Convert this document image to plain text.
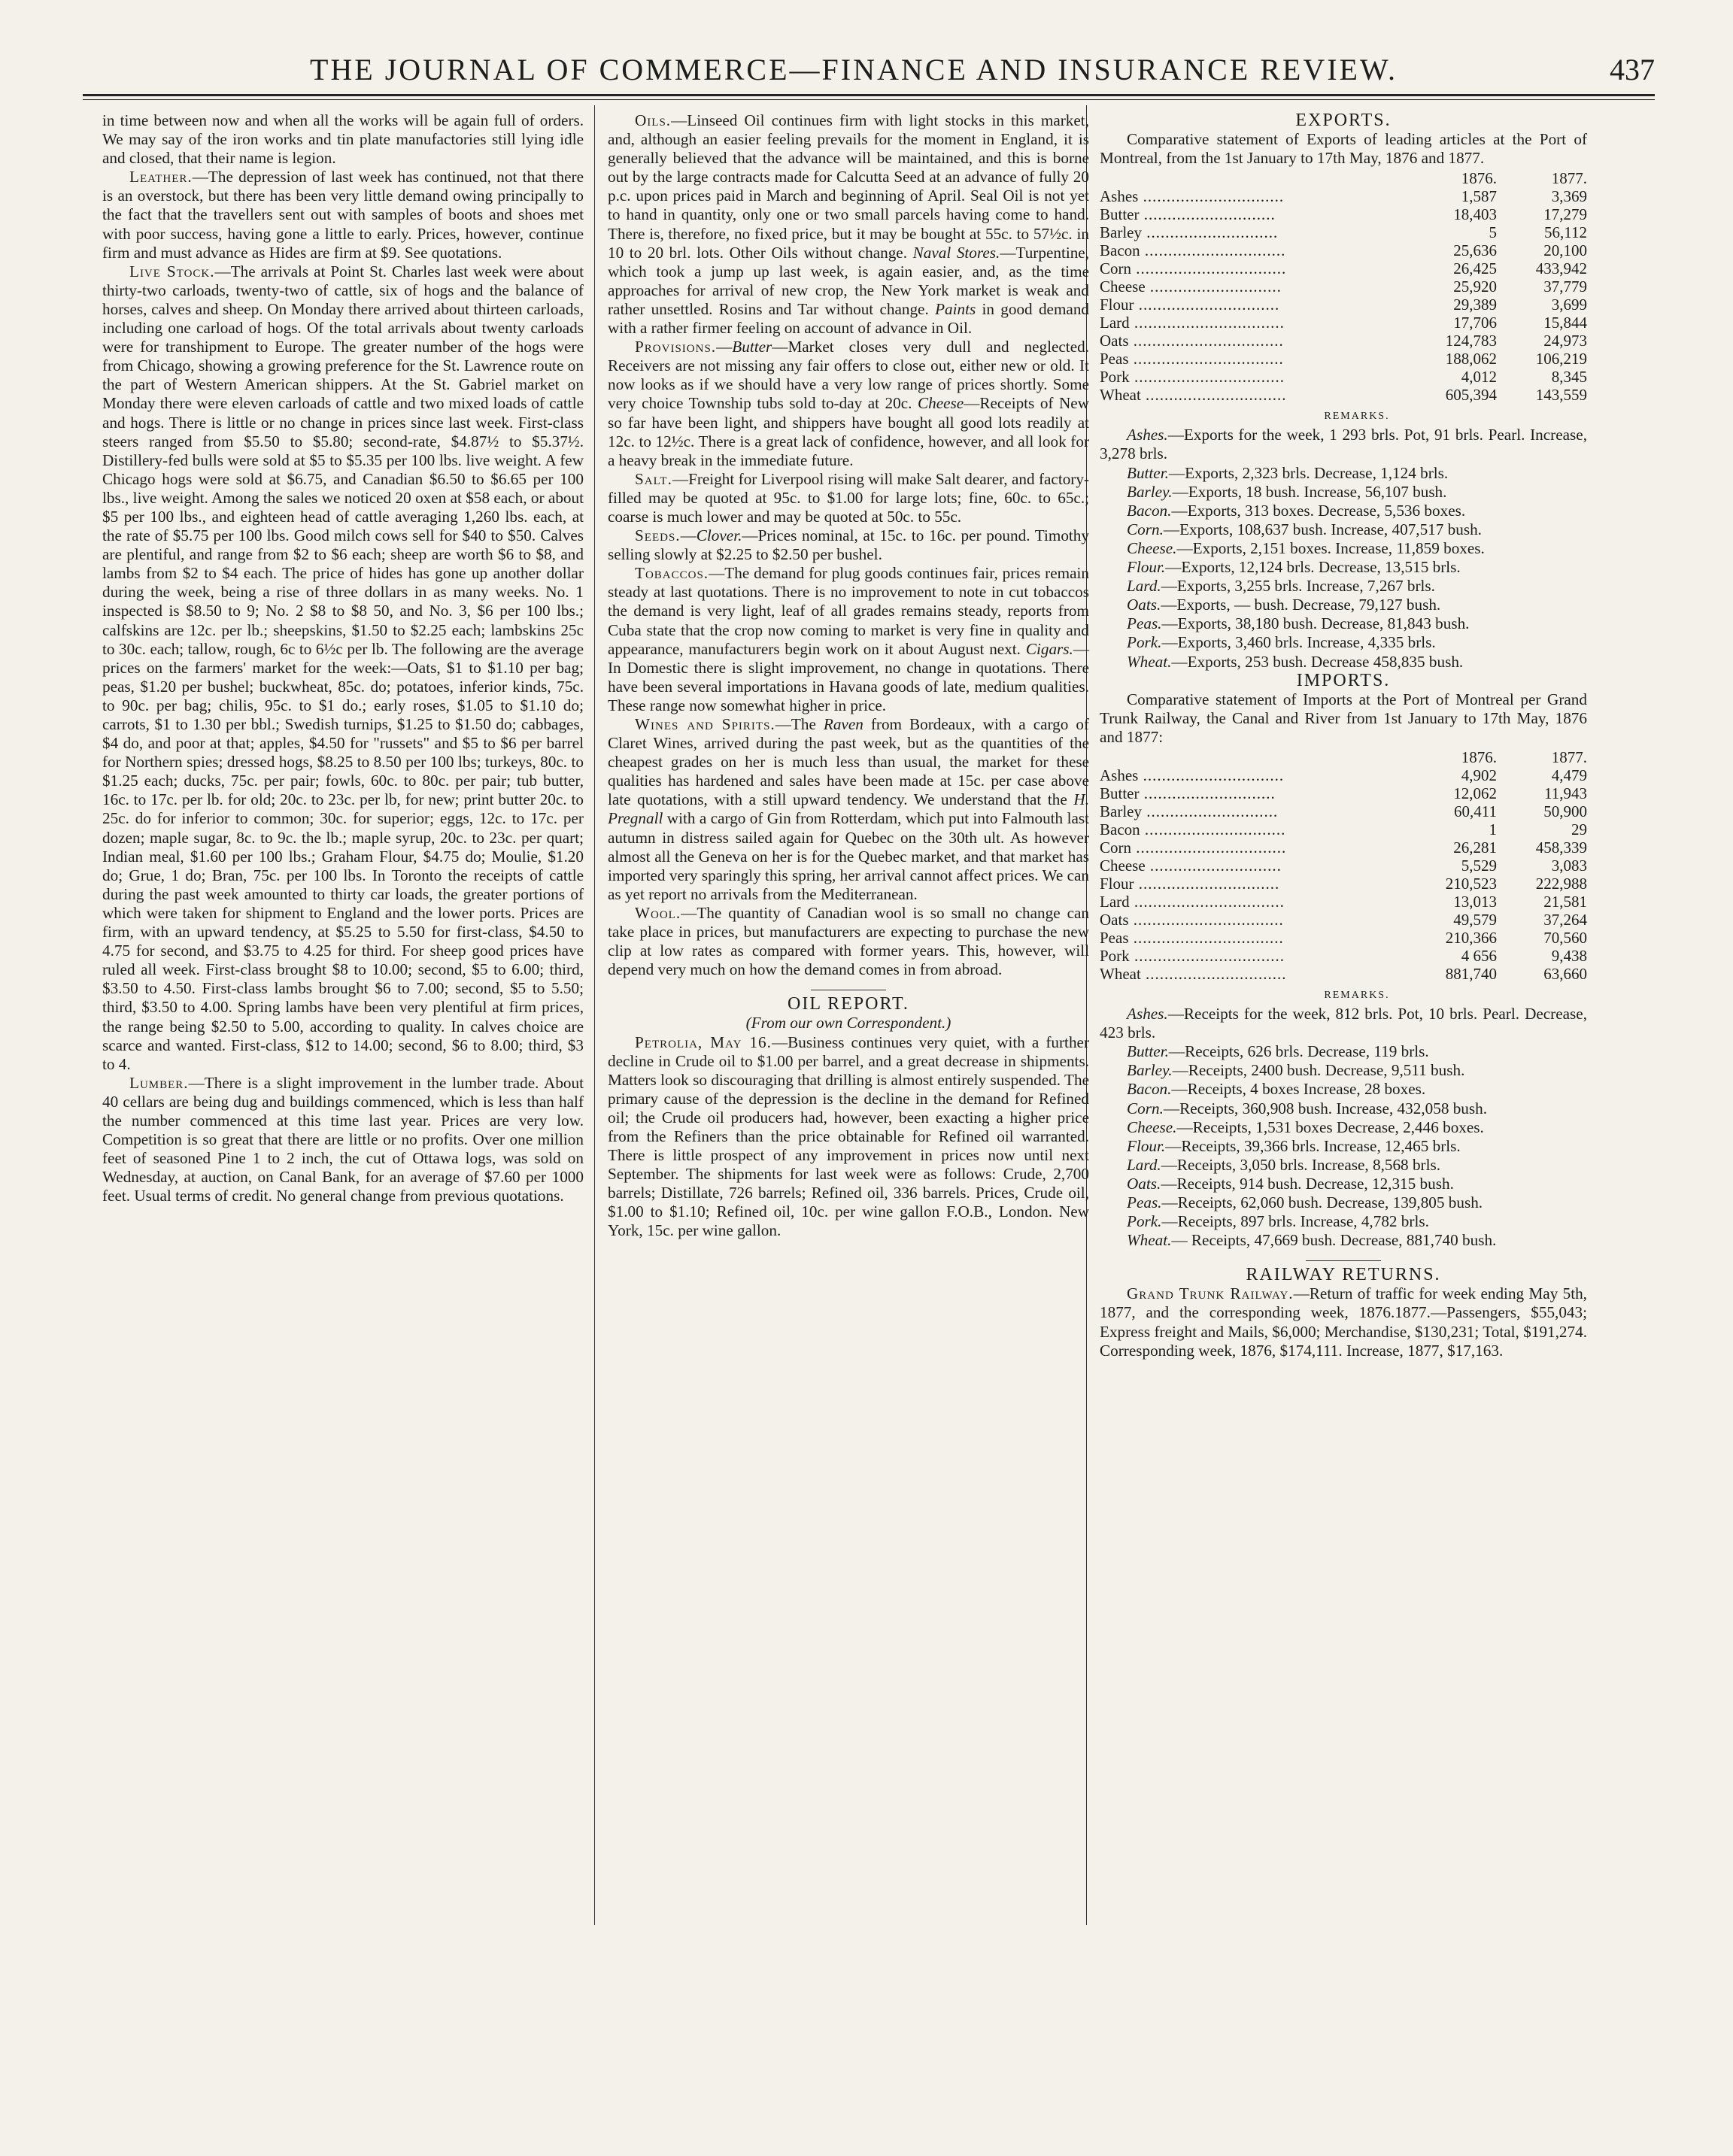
THE JOURNAL OF COMMERCE—FINANCE AND INSURANCE REVIEW.	437

in time between now and when all the works will be again full of orders. We may say of the iron works and tin plate manufactories still lying idle and closed, that their name is legion.

Leather.—The depression of last week has continued, not that there is an overstock, but there has been very little demand owing principally to the fact that the travellers sent out with samples of boots and shoes met with poor success, having gone a little to early. Prices, however, continue firm and must advance as Hides are firm at $9. See quotations.

Live Stock.—The arrivals at Point St. Charles last week were about thirty-two carloads, twenty-two of cattle, six of hogs and the balance of horses, calves and sheep. On Monday there arrived about thirteen carloads, including one carload of hogs. Of the total arrivals about twenty carloads were for transhipment to Europe. The greater number of the hogs were from Chicago, showing a growing preference for the St. Lawrence route on the part of Western American shippers. At the St. Gabriel market on Monday there were eleven carloads of cattle and two mixed loads of cattle and hogs. There is little or no change in prices since last week. First-class steers ranged from $5.50 to $5.80; second-rate, $4.87½ to $5.37½. Distillery-fed bulls were sold at $5 to $5.35 per 100 lbs. live weight. A few Chicago hogs were sold at $6.75, and Canadian $6.50 to $6.65 per 100 lbs., live weight. Among the sales we noticed 20 oxen at $58 each, or about $5 per 100 lbs., and eighteen head of cattle averaging 1,260 lbs. each, at the rate of $5.75 per 100 lbs. Good milch cows sell for $40 to $50. Calves are plentiful, and range from $2 to $6 each; sheep are worth $6 to $8, and lambs from $2 to $4 each. The price of hides has gone up another dollar during the week, being a rise of three dollars in as many weeks. No. 1 inspected is $8.50 to 9; No. 2 $8 to $8 50, and No. 3, $6 per 100 lbs.; calfskins are 12c. per lb.; sheepskins, $1.50 to $2.25 each; lambskins 25c to 30c. each; tallow, rough, 6c to 6½c per lb. The following are the average prices on the farmers' market for the week:—Oats, $1 to $1.10 per bag; peas, $1.20 per bushel; buckwheat, 85c. do; potatoes, inferior kinds, 75c. to 90c. per bag; chilis, 95c. to $1 do.; early roses, $1.05 to $1.10 do; carrots, $1 to 1.30 per bbl.; Swedish turnips, $1.25 to $1.50 do; cabbages, $4 do, and poor at that; apples, $4.50 for "russets" and $5 to $6 per barrel for Northern spies; dressed hogs, $8.25 to 8.50 per 100 lbs; turkeys, 80c. to $1.25 each; ducks, 75c. per pair; fowls, 60c. to 80c. per pair; tub butter, 16c. to 17c. per lb. for old; 20c. to 23c. per lb, for new; print butter 20c. to 25c. do for inferior to common; 30c. for superior; eggs, 12c. to 17c. per dozen; maple sugar, 8c. to 9c. the lb.; maple syrup, 20c. to 23c. per quart; Indian meal, $1.60 per 100 lbs.; Graham Flour, $4.75 do; Moulie, $1.20 do; Grue, 1 do; Bran, 75c. per 100 lbs. In Toronto the receipts of cattle during the past week amounted to thirty car loads, the greater portions of which were taken for shipment to England and the lower ports. Prices are firm, with an upward tendency, at $5.25 to 5.50 for first-class, $4.50 to 4.75 for second, and $3.75 to 4.25 for third. For sheep good prices have ruled all week. First-class brought $8 to 10.00; second, $5 to 6.00; third, $3.50 to 4.50. First-class lambs brought $6 to 7.00; second, $5 to 5.50; third, $3.50 to 4.00. Spring lambs have been very plentiful at firm prices, the range being $2.50 to 5.00, according to quality. In calves choice are scarce and wanted. First-class, $12 to 14.00; second, $6 to 8.00; third, $3 to 4.

Lumber.—There is a slight improvement in the lumber trade. About 40 cellars are being dug and buildings commenced, which is less than half the number commenced at this time last year. Prices are very low. Competition is so great that there are little or no profits. Over one million feet of seasoned Pine 1 to 2 inch, the cut of Ottawa logs, was sold on Wednesday, at auction, on Canal Bank, for an average of $7.60 per 1000 feet. Usual terms of credit. No general change from previous quotations.

Oils.—Linseed Oil continues firm with light stocks in this market, and, although an easier feeling prevails for the moment in England, it is generally believed that the advance will be maintained, and this is borne out by the large contracts made for Calcutta Seed at an advance of fully 20 p.c. upon prices paid in March and beginning of April. Seal Oil is not yet to hand in quantity, only one or two small parcels having come to hand. There is, therefore, no fixed price, but it may be bought at 55c. to 57½c. in 10 to 20 brl. lots. Other Oils without change. Naval Stores.—Turpentine, which took a jump up last week, is again easier, and, as the time approaches for arrival of new crop, the New York market is weak and rather unsettled. Rosins and Tar without change. Paints in good demand with a rather firmer feeling on account of advance in Oil.

Provisions.—Butter—Market closes very dull and neglected. Receivers are not missing any fair offers to close out, either new or old. It now looks as if we should have a very low range of prices shortly. Some very choice Township tubs sold to-day at 20c. Cheese—Receipts of New so far have been light, and shippers have bought all good lots readily at 12c. to 12½c. There is a great lack of confidence, however, and all look for a heavy break in the immediate future.

Salt.—Freight for Liverpool rising will make Salt dearer, and factory-filled may be quoted at 95c. to $1.00 for large lots; fine, 60c. to 65c.; coarse is much lower and may be quoted at 50c. to 55c.

Seeds.—Clover.—Prices nominal, at 15c. to 16c. per pound. Timothy selling slowly at $2.25 to $2.50 per bushel.

Tobaccos.—The demand for plug goods continues fair, prices remain steady at last quotations. There is no improvement to note in cut tobaccos the demand is very light, leaf of all grades remains steady, reports from Cuba state that the crop now coming to market is very fine in quality and appearance, manufacturers begin work on it about August next. Cigars.—In Domestic there is slight improvement, no change in quotations. There have been several importations in Havana goods of late, medium qualities. These range now somewhat higher in price.

Wines and Spirits.—The Raven from Bordeaux, with a cargo of Claret Wines, arrived during the past week, but as the quantities of the cheapest grades on her is much less than usual, the market for these qualities has hardened and sales have been made at 15c. per case above late quotations, with a still upward tendency. We understand that the H. Pregnall with a cargo of Gin from Rotterdam, which put into Falmouth last autumn in distress sailed again for Quebec on the 30th ult. As however almost all the Geneva on her is for the Quebec market, and that market has imported very sparingly this spring, her arrival cannot affect prices. We can as yet report no arrivals from the Mediterranean.

Wool.—The quantity of Canadian wool is so small no change can take place in prices, but manufacturers are expecting to purchase the new clip at low rates as compared with former years. This, however, will depend very much on how the demand comes in from abroad.

OIL REPORT.

(From our own Correspondent.)

Petrolia, May 16.—Business continues very quiet, with a further decline in Crude oil to $1.00 per barrel, and a great decrease in shipments. Matters look so discouraging that drilling is almost entirely suspended. The primary cause of the depression is the decline in the demand for Refined oil; the Crude oil producers had, however, been exacting a higher price from the Refiners than the price obtainable for Refined oil warranted. There is little prospect of any improvement in prices now until next September. The shipments for last week were as follows: Crude, 2,700 barrels; Distillate, 726 barrels; Refined oil, 336 barrels. Prices, Crude oil, $1.00 to $1.10; Refined oil, 10c. per wine gallon F.O.B., London. New York, 15c. per wine gallon.

EXPORTS.

Comparative statement of Exports of leading articles at the Port of Montreal, from the 1st January to 17th May, 1876 and 1877.

	1876.	1877.
Ashes ..............................	1,587	3,369
Butter ............................	18,403	17,279
Barley ............................	5	56,112
Bacon ..............................	25,636	20,100
Corn ................................	26,425	433,942
Cheese ............................	25,920	37,779
Flour ..............................	29,389	3,699
Lard ................................	17,706	15,844
Oats ................................	124,783	24,973
Peas ................................	188,062	106,219
Pork ................................	4,012	8,345
Wheat ..............................	605,394	143,559

REMARKS.

Ashes.—Exports for the week, 1 293 brls. Pot, 91 brls. Pearl. Increase, 3,278 brls.

Butter.—Exports, 2,323 brls. Decrease, 1,124 brls.

Barley.—Exports, 18 bush. Increase, 56,107 bush.

Bacon.—Exports, 313 boxes. Decrease, 5,536 boxes.

Corn.—Exports, 108,637 bush. Increase, 407,517 bush.

Cheese.—Exports, 2,151 boxes. Increase, 11,859 boxes.

Flour.—Exports, 12,124 brls. Decrease, 13,515 brls.

Lard.—Exports, 3,255 brls. Increase, 7,267 brls.

Oats.—Exports, — bush. Decrease, 79,127 bush.

Peas.—Exports, 38,180 bush. Decrease, 81,843 bush.

Pork.—Exports, 3,460 brls. Increase, 4,335 brls.

Wheat.—Exports, 253 bush. Decrease 458,835 bush.

IMPORTS.

Comparative statement of Imports at the Port of Montreal per Grand Trunk Railway, the Canal and River from 1st January to 17th May, 1876 and 1877:

	1876.	1877.
Ashes ..............................	4,902	4,479
Butter ............................	12,062	11,943
Barley ............................	60,411	50,900
Bacon ..............................	1	29
Corn ................................	26,281	458,339
Cheese ............................	5,529	3,083
Flour ..............................	210,523	222,988
Lard ................................	13,013	21,581
Oats ................................	49,579	37,264
Peas ................................	210,366	70,560
Pork ................................	4 656	9,438
Wheat ..............................	881,740	63,660

REMARKS.

Ashes.—Receipts for the week, 812 brls. Pot, 10 brls. Pearl. Decrease, 423 brls.

Butter.—Receipts, 626 brls. Decrease, 119 brls.

Barley.—Receipts, 2400 bush. Decrease, 9,511 bush.

Bacon.—Receipts, 4 boxes Increase, 28 boxes.

Corn.—Receipts, 360,908 bush. Increase, 432,058 bush.

Cheese.—Receipts, 1,531 boxes Decrease, 2,446 boxes.

Flour.—Receipts, 39,366 brls. Increase, 12,465 brls.

Lard.—Receipts, 3,050 brls. Increase, 8,568 brls.

Oats.—Receipts, 914 bush. Decrease, 12,315 bush.

Peas.—Receipts, 62,060 bush. Decrease, 139,805 bush.

Pork.—Receipts, 897 brls. Increase, 4,782 brls.

Wheat.— Receipts, 47,669 bush. Decrease, 881,740 bush.

RAILWAY RETURNS.

Grand Trunk Railway.—Return of traffic for week ending May 5th, 1877, and the corresponding week, 1876.1877.—Passengers, $55,043; Express freight and Mails, $6,000; Merchandise, $130,231; Total, $191,274. Corresponding week, 1876, $174,111. Increase, 1877, $17,163.
